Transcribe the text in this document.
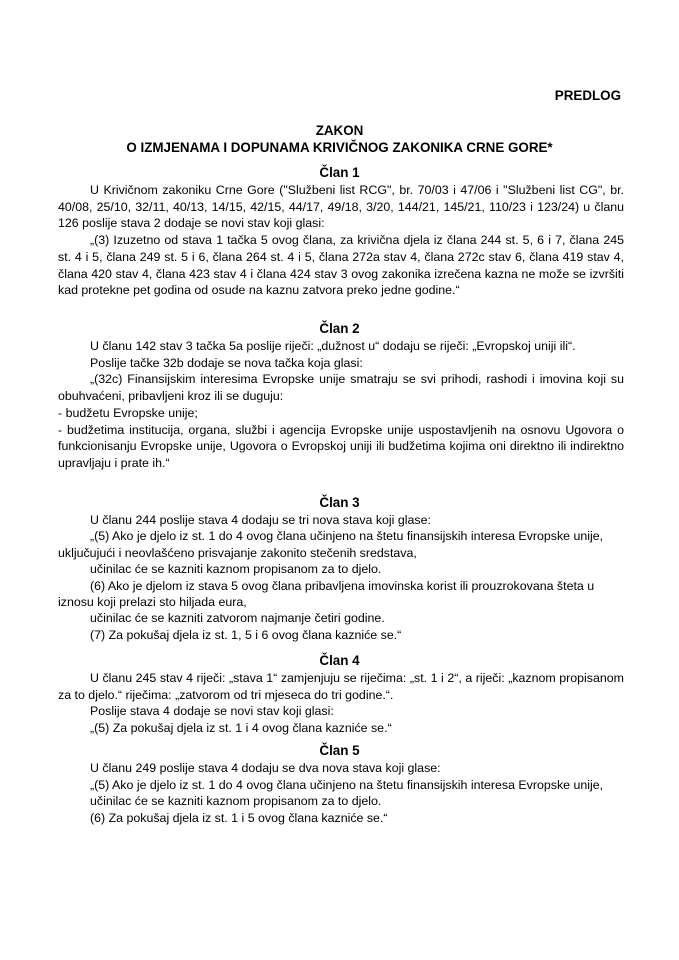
PREDLOG
ZAKON
O IZMJENAMA I DOPUNAMA KRIVIČNOG ZAKONIKA CRNE GORE*
Član 1

U Krivičnom zakoniku Crne Gore ("Službeni list RCG", br. 70/03 i 47/06 i "Službeni list CG", br. 40/08, 25/10, 32/11, 40/13, 14/15, 42/15, 44/17, 49/18, 3/20, 144/21, 145/21, 110/23 i 123/24) u članu 126 poslije stava 2 dodaje se novi stav koji glasi:

„(3) Izuzetno od stava 1 tačka 5 ovog člana, za krivična djela iz člana 244 st. 5, 6 i 7, člana 245 st. 4 i 5, člana 249 st. 5 i 6, člana 264 st. 4 i 5, člana 272a stav 4, člana 272c stav 6, člana 419 stav 4, člana 420 stav 4, člana 423 stav 4 i člana 424 stav 3 ovog zakonika izrečena kazna ne može se izvršiti kad protekne pet godina od osude na kaznu zatvora preko jedne godine.“

Član 2

U članu 142 stav 3 tačka 5a poslije riječi: „dužnost u“ dodaju se riječi: „Evropskoj uniji ili“.

Poslije tačke 32b dodaje se nova tačka koja glasi:

„(32c) Finansijskim interesima Evropske unije smatraju se svi prihodi, rashodi i imovina koji su obuhvaćeni, pribavljeni kroz ili se duguju:

- budžetu Evropske unije;

- budžetima institucija, organa, službi i agencija Evropske unije uspostavljenih na osnovu Ugovora o funkcionisanju Evropske unije, Ugovora o Evropskoj uniji ili budžetima kojima oni direktno ili indirektno upravljaju i prate ih.“

Član 3

U članu 244 poslije stava 4 dodaju se tri nova stava koji glase:

„(5) Ako je djelo iz st. 1 do 4 ovog člana učinjeno na štetu finansijskih interesa Evropske unije, uključujući i neovlašćeno prisvajanje zakonito stečenih sredstava,

učinilac će se kazniti kaznom propisanom za to djelo.

(6) Ako je djelom iz stava 5 ovog člana pribavljena imovinska korist ili prouzrokovana šteta u iznosu koji prelazi sto hiljada eura,

učinilac će se kazniti zatvorom najmanje četiri godine.

(7) Za pokušaj djela iz st. 1, 5 i 6 ovog člana kazniće se.“

Član 4

U članu 245 stav 4 riječi: „stava 1“ zamjenjuju se riječima: „st. 1 i 2“, a riječi: „kaznom propisanom za to djelo.“ riječima: „zatvorom od tri mjeseca do tri godine.“.

Poslije stava 4 dodaje se novi stav koji glasi:

„(5) Za pokušaj djela iz st. 1 i 4 ovog člana kazniće se.“

Član 5

U članu 249 poslije stava 4 dodaju se dva nova stava koji glase:

„(5) Ako je djelo iz st. 1 do 4 ovog člana učinjeno na štetu finansijskih interesa Evropske unije,

učinilac će se kazniti kaznom propisanom za to djelo.

(6) Za pokušaj djela iz st. 1 i 5 ovog člana kazniće se.“
